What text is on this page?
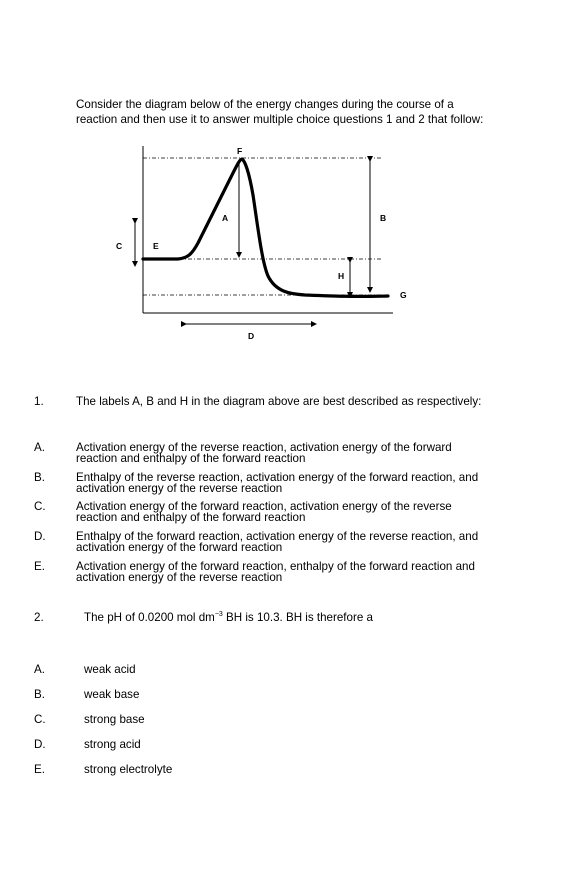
Consider the diagram below of the energy changes during the course of a
reaction and then use it to answer multiple choice questions 1 and 2 that follow:
F
A	B
C	E
H
G
D
1.	The labels A, B and H in the diagram above are best described as respectively:
A.	Activation energy of the reverse reaction, activation energy of the forward
reaction and enthalpy of the forward reaction
B.	Enthalpy of the reverse reaction, activation energy of the forward reaction, and
activation energy of the reverse reaction
C.	Activation energy of the forward reaction, activation energy of the reverse
reaction and enthalpy of the forward reaction
D.	Enthalpy of the forward reaction, activation energy of the reverse reaction, and
activation energy of the forward reaction
E.	Activation energy of the forward reaction, enthalpy of the forward reaction and
activation energy of the reverse reaction
2.	The pH of 0.0200 mol $dm^{-3}$ BH is 10.3. BH is therefore a
A.	weak acid
B.	weak base
C.	strong base
D.	strong acid
E.	strong electrolyte
